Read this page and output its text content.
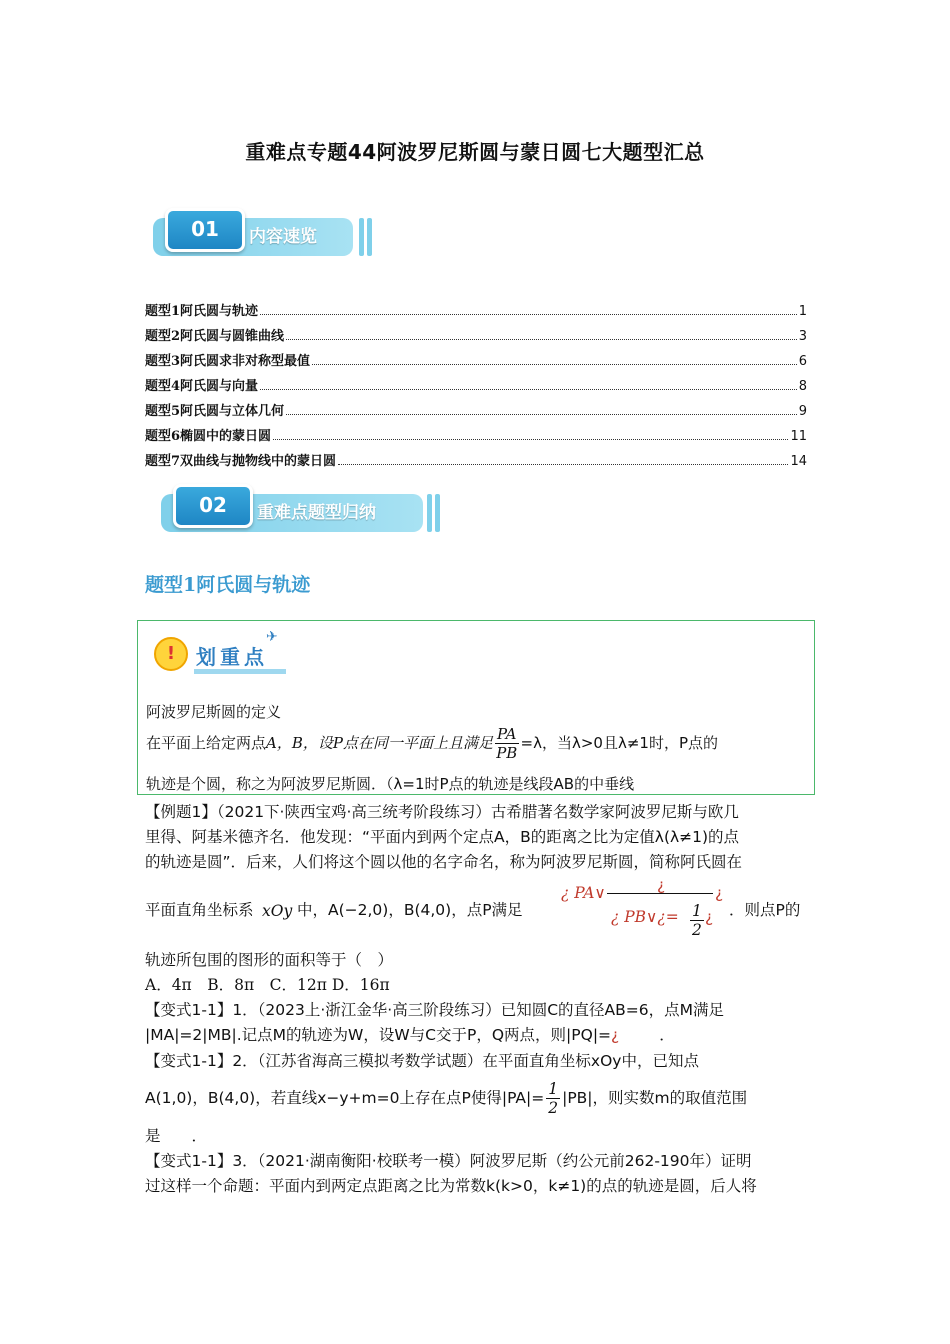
重难点专题44阿波罗尼斯圆与蒙日圆七大题型汇总
01	内容速览
题型1阿氏圆与轨迹	1
题型2阿氏圆与圆锥曲线	3
题型3阿氏圆求非对称型最值	6
题型4阿氏圆与向量	8
题型5阿氏圆与立体几何	9
题型6椭圆中的蒙日圆	11
题型7双曲线与抛物线中的蒙日圆	14
02	重难点题型归纳
题型1阿氏圆与轨迹
!	划重点
✈
阿波罗尼斯圆的定义
在平面上给定两点A，B，设P点在同一平面上且满足 $\frac{PA}{PB} =\lambda$，当λ>0且λ≠1时，P点的
轨迹是个圆，称之为阿波罗尼斯圆．（λ=1时P点的轨迹是线段AB的中垂线
【例题1】（2021下·陕西宝鸡·高三统考阶段练习）古希腊著名数学家阿波罗尼斯与欧几
里得、阿基米德齐名．他发现：“平面内到两个定点A，B的距离之比为定值λ(λ≠1)的点
的轨迹是圆”．后来，人们将这个圆以他的名字命名，称为阿波罗尼斯圆，简称阿氏圆在
平面直角坐标系 xOy 中，A(−2,0)，B(4,0)，点P满足
¿ PA∨	¿
¿ PB∨¿= $\frac{1}{2}$ ¿
¿
．则点P的
轨迹所包围的图形的面积等于（　）
A．4π　B．8π　C．12π D．16π
【变式1-1】1．（2023上·浙江金华·高三阶段练习）已知圆C的直径AB=6，点M满足
|MA|=2|MB|.记点M的轨迹为W，设W与C交于P，Q两点，则|PQ|=¿	．
【变式1-1】2．（江苏省海高三模拟考数学试题）在平面直角坐标xOy中，已知点
A(1,0)，B(4,0)，若直线x−y+m=0上存在点P使得$|PA|= \frac{1}{2} |PB|$，则实数m的取值范围
是　　．
【变式1-1】3．（2021·湖南衡阳·校联考一模）阿波罗尼斯（约公元前262-190年）证明
过这样一个命题：平面内到两定点距离之比为常数k(k>0，k≠1)的点的轨迹是圆，后人将
